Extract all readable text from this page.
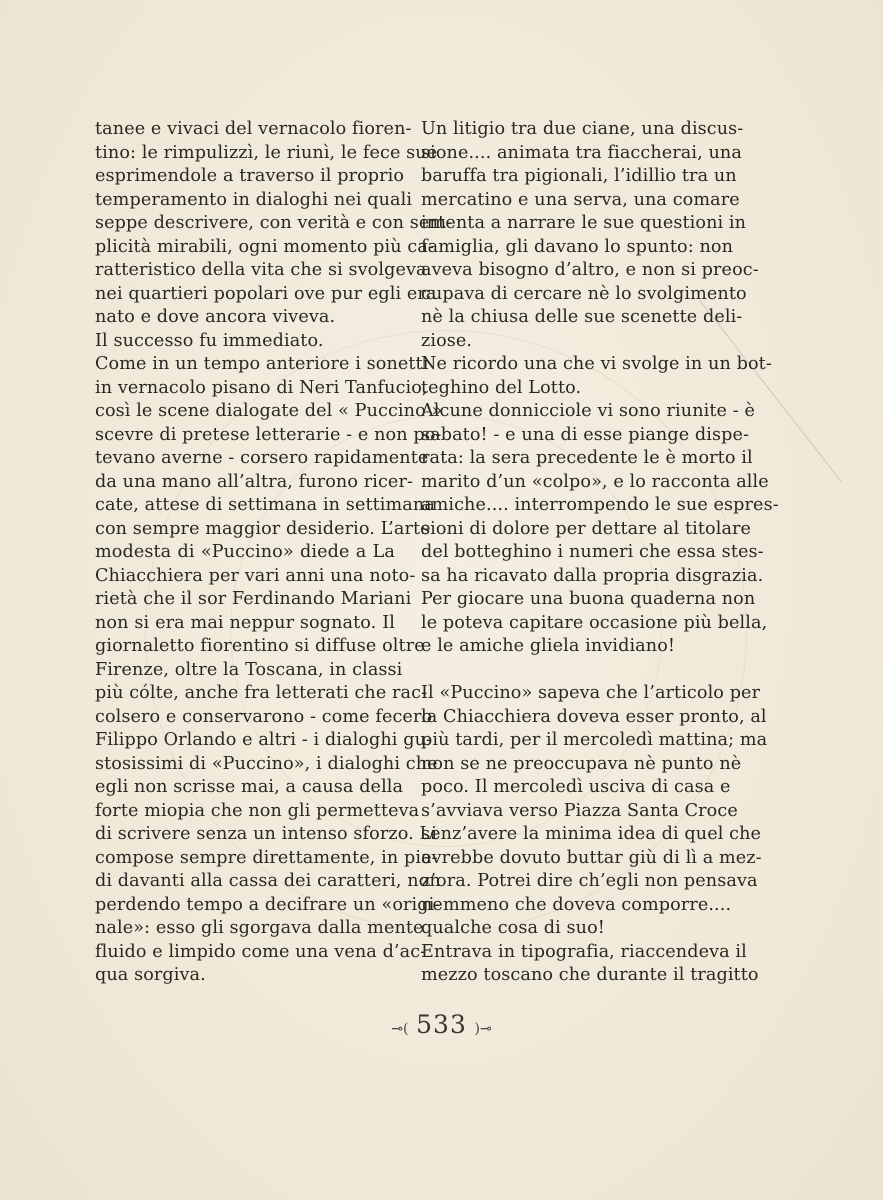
tanee e vivaci del vernacolo fioren-
tino: le rimpulizzì, le riunì, le fece sue
esprimendole a traverso il proprio
temperamento in dialoghi nei quali
seppe descrivere, con verità e con sem-
plicità mirabili, ogni momento più ca-
ratteristico della vita che si svolgeva
nei quartieri popolari ove pur egli era
nato e dove ancora viveva.
Il successo fu immediato.
Come in un tempo anteriore i sonetti
in vernacolo pisano di Neri Tanfucio,
così le scene dialogate del « Puccino »
scevre di pretese letterarie - e non po-
tevano averne - corsero rapidamente
da una mano all’altra, furono ricer-
cate, attese di settimana in settimana
con sempre maggior desiderio. L’arte
modesta di «Puccino» diede a La
Chiacchiera per vari anni una noto-
rietà che il sor Ferdinando Mariani
non si era mai neppur sognato. Il
giornaletto fiorentino si diffuse oltre
Firenze, oltre la Toscana, in classi
più cólte, anche fra letterati che rac-
colsero e conservarono - come fecero
Filippo Orlando e altri - i dialoghi gu-
stosissimi di «Puccino», i dialoghi che
egli non scrisse mai, a causa della
forte miopia che non gli permetteva
di scrivere senza un intenso sforzo. Li
compose sempre direttamente, in pie-
di davanti alla cassa dei caratteri, non
perdendo tempo a decifrare un «origi-
nale»: esso gli sgorgava dalla mente
fluido e limpido come una vena d’ac-
qua sorgiva.
Un litigio tra due ciane, una discus-
sione.... animata tra fiaccherai, una
baruffa tra pigionali, l’idillio tra un
mercatino e una serva, una comare
intenta a narrare le sue questioni in
famiglia, gli davano lo spunto: non
aveva bisogno d’altro, e non si preoc-
cupava di cercare nè lo svolgimento
nè la chiusa delle sue scenette deli-
ziose.
Ne ricordo una che vi svolge in un bot-
teghino del Lotto.
Alcune donnicciole vi sono riunite - è
sabato! - e una di esse piange dispe-
rata: la sera precedente le è morto il
marito d’un «colpo», e lo racconta alle
amiche.... interrompendo le sue espres-
sioni di dolore per dettare al titolare
del botteghino i numeri che essa stes-
sa ha ricavato dalla propria disgrazia.
Per giocare una buona quaderna non
le poteva capitare occasione più bella,
e le amiche gliela invidiano!
Il «Puccino» sapeva che l’articolo per
la Chiacchiera doveva esser pronto, al
più tardi, per il mercoledì mattina; ma
non se ne preoccupava nè punto nè
poco. Il mercoledì usciva di casa e
s’avviava verso Piazza Santa Croce
senz’avere la minima idea di quel che
avrebbe dovuto buttar giù di lì a mez-
z’ora. Potrei dire ch’egli non pensava
nemmeno che doveva comporre....
qualche cosa di suo!
Entrava in tipografia, riaccendeva il
mezzo toscano che durante il tragitto
⊸( 533 )⊸
